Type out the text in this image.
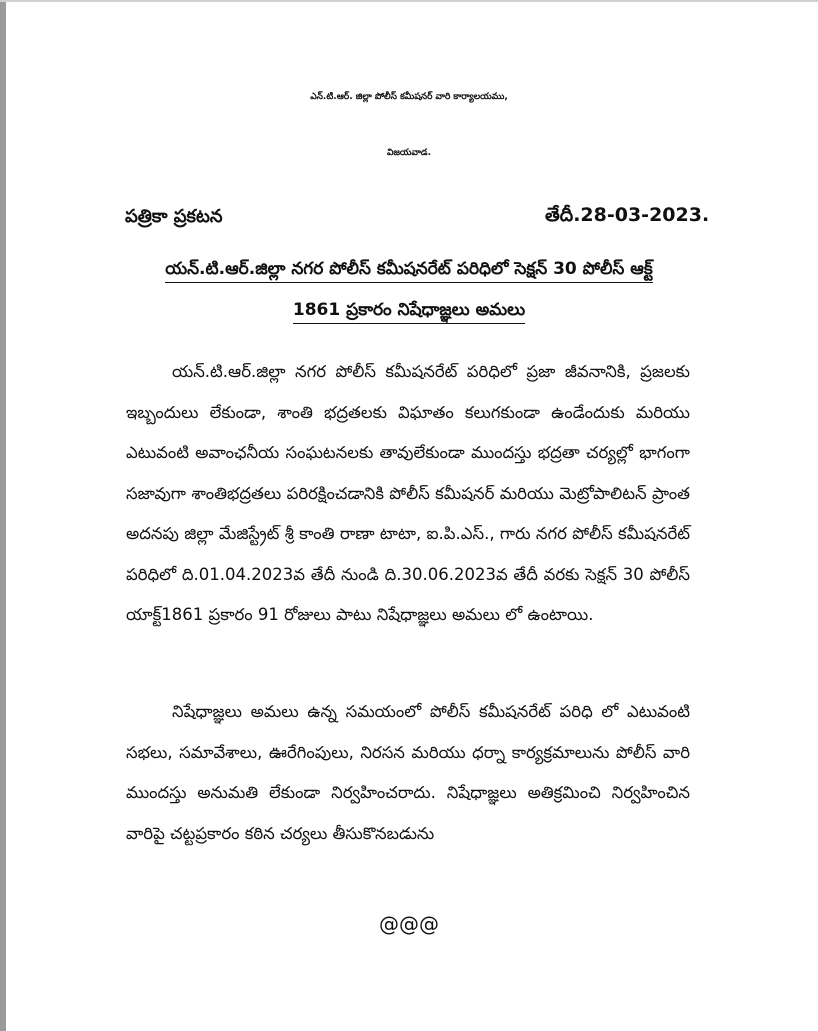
ఎన్.టి.ఆర్. జిల్లా పోలీస్ కమీషనర్ వారి కార్యాలయము,
విజయవాడ.
పత్రికా ప్రకటన	తేదీ.28-03-2023.
యన్.టి.ఆర్.జిల్లా నగర పోలీస్ కమీషనరేట్ పరిధిలో సెక్షన్ 30 పోలీస్ ఆక్ట్
1861 ప్రకారం నిషేధాజ్ఞలు అమలు
యన్.టి.ఆర్.జిల్లా నగర పోలీస్ కమీషనరేట్ పరిధిలో ప్రజా జీవనానికి, ప్రజలకు ఇబ్బందులు లేకుండా, శాంతి భద్రతలకు విఘాతం కలుగకుండా ఉండేందుకు మరియు ఎటువంటి అవాంఛనీయ సంఘటనలకు తావులేకుండా ముందస్తు భద్రతా చర్యల్లో భాగంగా సజావుగా శాంతిభద్రతలు పరిరక్షించడానికి పోలీస్ కమీషనర్ మరియు మెట్రోపాలిటన్ ప్రాంత అదనపు జిల్లా మేజిస్ట్రేట్ శ్రీ కాంతి రాణా టాటా, ఐ.పి.ఎస్., గారు నగర పోలీస్ కమీషనరేట్ పరిధిలో ది.01.04.2023వ తేదీ నుండి ది.30.06.2023వ తేదీ వరకు సెక్షన్ 30 పోలీస్ యాక్ట్1861 ప్రకారం 91 రోజులు పాటు నిషేధాజ్ఞలు అమలు లో ఉంటాయి.
నిషేధాజ్ఞలు అమలు ఉన్న సమయంలో పోలీస్ కమీషనరేట్ పరిధి లో ఎటువంటి సభలు, సమావేశాలు, ఊరేగింపులు, నిరసన మరియు ధర్నా కార్యక్రమాలును పోలీస్ వారి ముందస్తు అనుమతి లేకుండా నిర్వహించరాదు. నిషేధాజ్ఞలు అతిక్రమించి నిర్వహించిన వారిపై చట్టప్రకారం కఠిన చర్యలు తీసుకొనబడును
@@@
